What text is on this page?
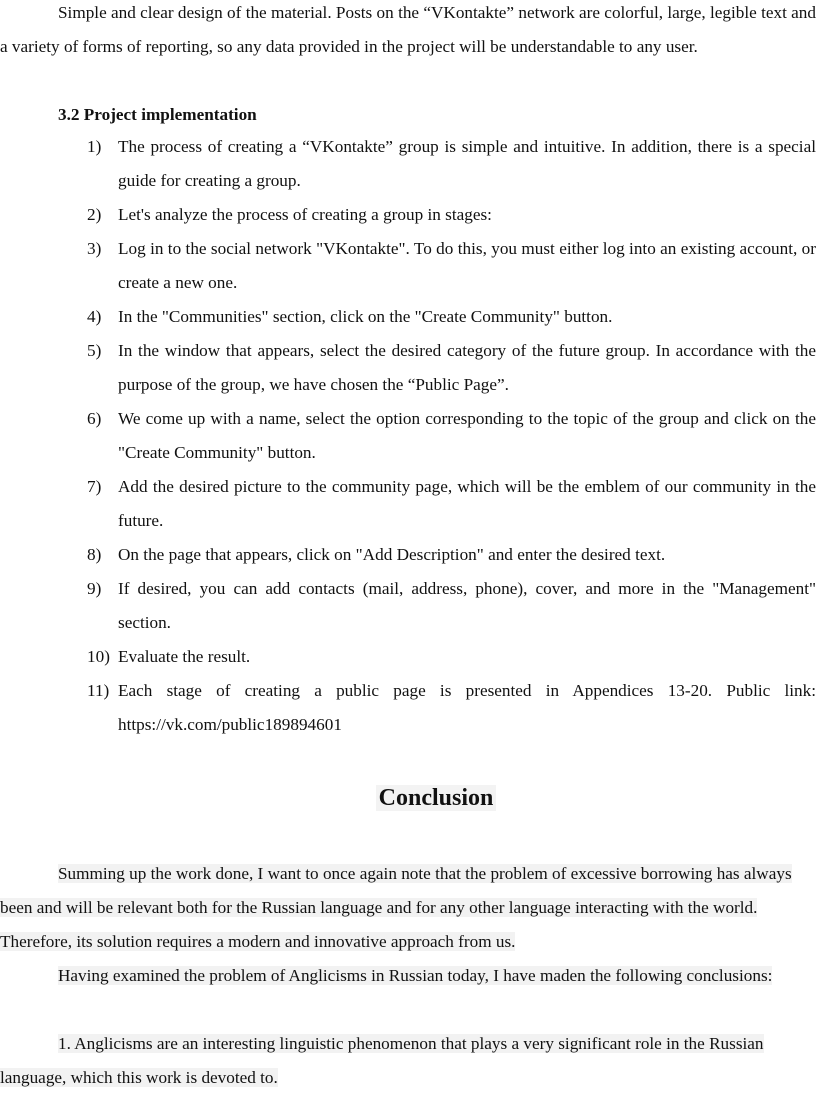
Simple and clear design of the material. Posts on the “VKontakte” network are colorful, large, legible text and a variety of forms of reporting, so any data provided in the project will be understandable to any user.

3.2 Project implementation

1) The process of creating a “VKontakte” group is simple and intuitive. In addition, there is a special guide for creating a group.
2) Let's analyze the process of creating a group in stages:
3) Log in to the social network "VKontakte". To do this, you must either log into an existing account, or create a new one.
4) In the "Communities" section, click on the "Create Community" button.
5) In the window that appears, select the desired category of the future group. In accordance with the purpose of the group, we have chosen the “Public Page”.
6) We come up with a name, select the option corresponding to the topic of the group and click on the "Create Community" button.
7) Add the desired picture to the community page, which will be the emblem of our community in the future.
8) On the page that appears, click on "Add Description" and enter the desired text.
9) If desired, you can add contacts (mail, address, phone), cover, and more in the "Management" section.
10) Evaluate the result.
11) Each stage of creating a public page is presented in Appendices 13-20. Public link: https://vk.com/public189894601
Conclusion

Summing up the work done, I want to once again note that the problem of excessive borrowing has always been and will be relevant both for the Russian language and for any other language interacting with the world. Therefore, its solution requires a modern and innovative approach from us.

Having examined the problem of Anglicisms in Russian today, I have maden the following conclusions:

1. Anglicisms are an interesting linguistic phenomenon that plays a very significant role in the Russian language, which this work is devoted to.
